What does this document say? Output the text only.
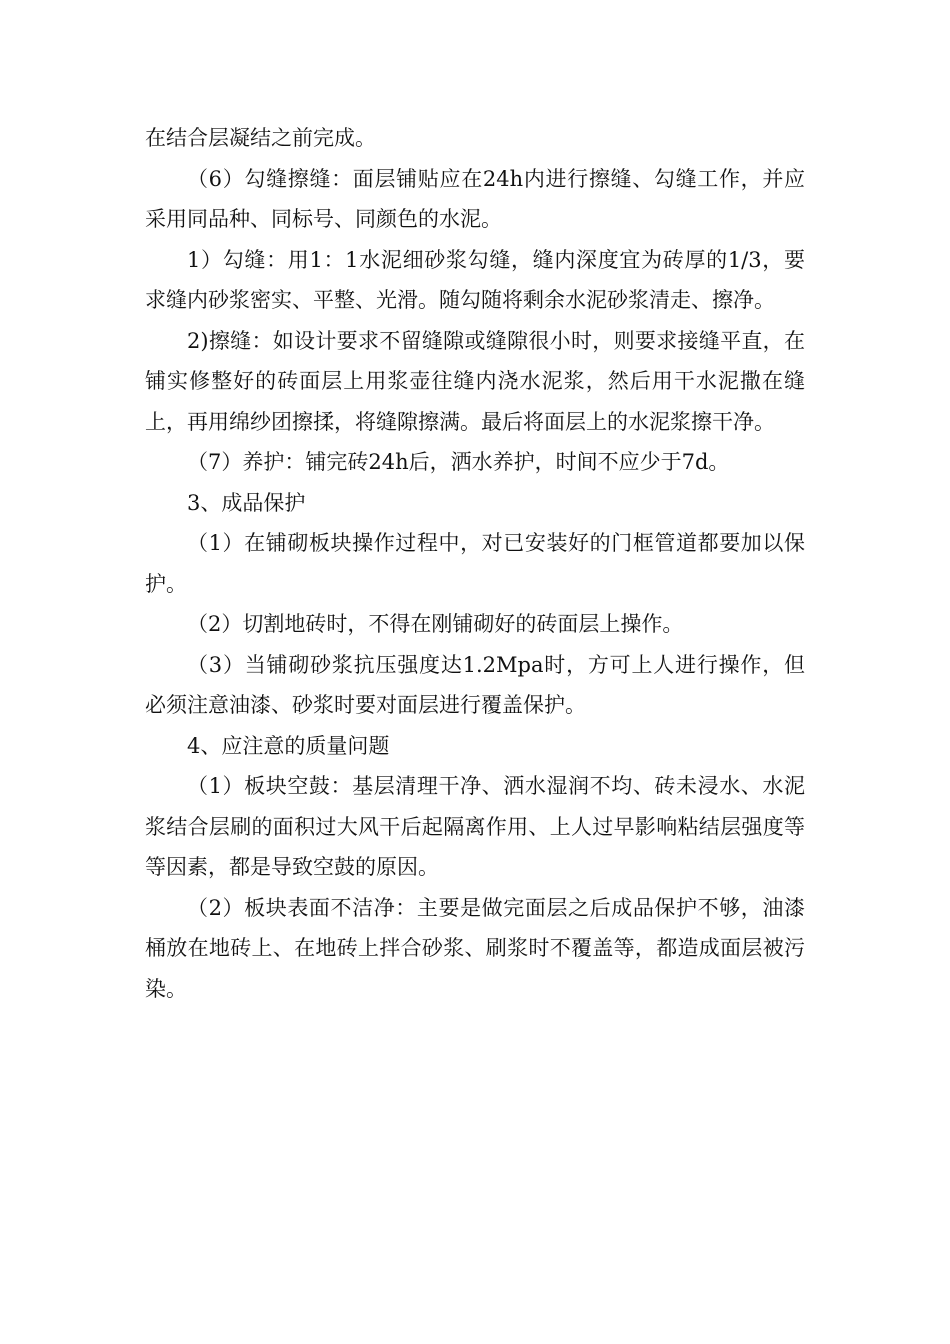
在结合层凝结之前完成。

（6）勾缝擦缝：面层铺贴应在24h内进行擦缝、勾缝工作，并应采用同品种、同标号、同颜色的水泥。

1）勾缝：用1：1水泥细砂浆勾缝，缝内深度宜为砖厚的1/3，要求缝内砂浆密实、平整、光滑。随勾随将剩余水泥砂浆清走、擦净。

2)擦缝：如设计要求不留缝隙或缝隙很小时，则要求接缝平直，在铺实修整好的砖面层上用浆壶往缝内浇水泥浆，然后用干水泥撒在缝上，再用绵纱团擦揉，将缝隙擦满。最后将面层上的水泥浆擦干净。

（7）养护：铺完砖24h后，洒水养护，时间不应少于7d。

3、成品保护

（1）在铺砌板块操作过程中，对已安装好的门框管道都要加以保护。

（2）切割地砖时，不得在刚铺砌好的砖面层上操作。

（3）当铺砌砂浆抗压强度达1.2Mpa时，方可上人进行操作，但必须注意油漆、砂浆时要对面层进行覆盖保护。

4、应注意的质量问题

（1）板块空鼓：基层清理干净、洒水湿润不均、砖未浸水、水泥浆结合层刷的面积过大风干后起隔离作用、上人过早影响粘结层强度等等因素，都是导致空鼓的原因。

（2）板块表面不洁净：主要是做完面层之后成品保护不够，油漆桶放在地砖上、在地砖上拌合砂浆、刷浆时不覆盖等，都造成面层被污染。
